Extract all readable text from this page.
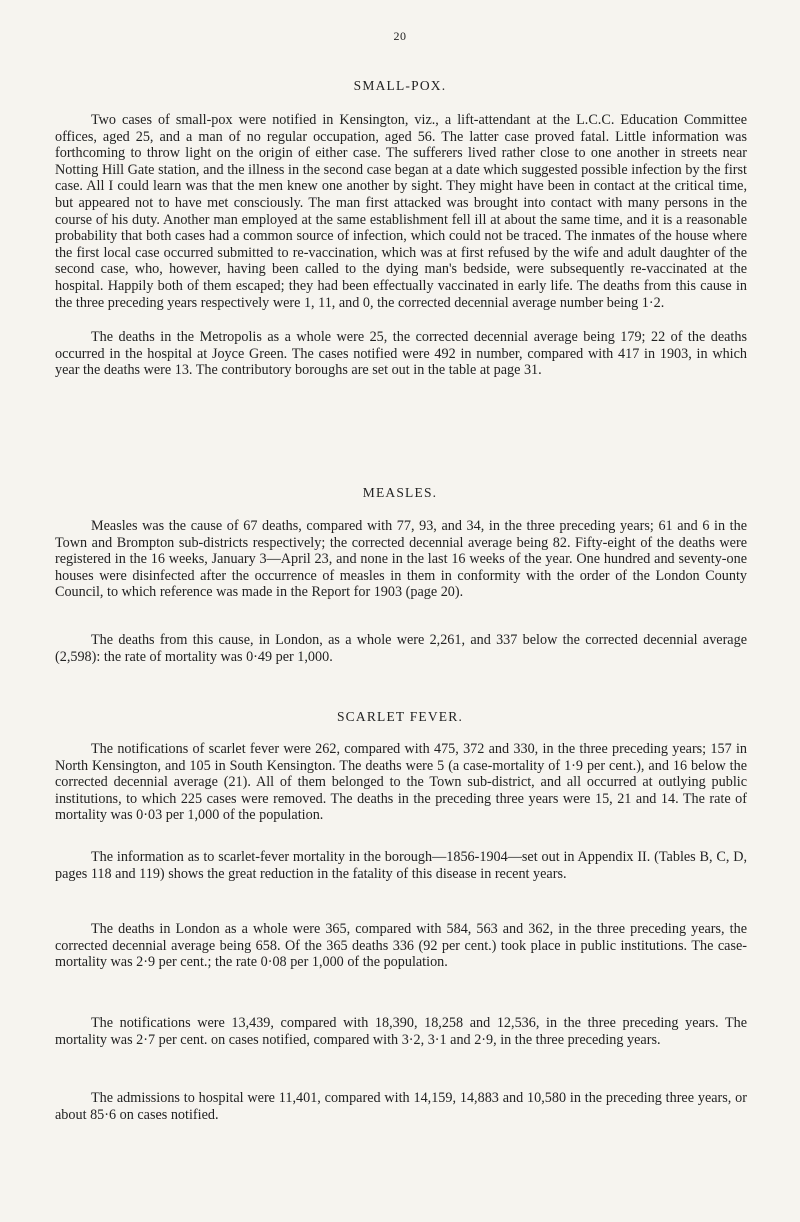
20
SMALL-POX.

Two cases of small-pox were notified in Kensington, viz., a lift-attendant at the L.C.C. Education Committee offices, aged 25, and a man of no regular occupation, aged 56. The latter case proved fatal. Little information was forthcoming to throw light on the origin of either case. The sufferers lived rather close to one another in streets near Notting Hill Gate station, and the illness in the second case began at a date which suggested possible infection by the first case. All I could learn was that the men knew one another by sight. They might have been in contact at the critical time, but appeared not to have met consciously. The man first attacked was brought into contact with many persons in the course of his duty. Another man employed at the same establishment fell ill at about the same time, and it is a reasonable probability that both cases had a common source of infection, which could not be traced. The inmates of the house where the first local case occurred submitted to re-vaccination, which was at first refused by the wife and adult daughter of the second case, who, however, having been called to the dying man's bedside, were subsequently re-vaccinated at the hospital. Happily both of them escaped; they had been effectually vaccinated in early life. The deaths from this cause in the three preceding years respectively were 1, 11, and 0, the corrected decennial average number being 1·2.

The deaths in the Metropolis as a whole were 25, the corrected decennial average being 179; 22 of the deaths occurred in the hospital at Joyce Green. The cases notified were 492 in number, compared with 417 in 1903, in which year the deaths were 13. The contributory boroughs are set out in the table at page 31.

MEASLES.

Measles was the cause of 67 deaths, compared with 77, 93, and 34, in the three preceding years; 61 and 6 in the Town and Brompton sub-districts respectively; the corrected decennial average being 82. Fifty-eight of the deaths were registered in the 16 weeks, January 3—April 23, and none in the last 16 weeks of the year. One hundred and seventy-one houses were disinfected after the occurrence of measles in them in conformity with the order of the London County Council, to which reference was made in the Report for 1903 (page 20).

The deaths from this cause, in London, as a whole were 2,261, and 337 below the corrected decennial average (2,598): the rate of mortality was 0·49 per 1,000.

SCARLET FEVER.

The notifications of scarlet fever were 262, compared with 475, 372 and 330, in the three preceding years; 157 in North Kensington, and 105 in South Kensington. The deaths were 5 (a case-mortality of 1·9 per cent.), and 16 below the corrected decennial average (21). All of them belonged to the Town sub-district, and all occurred at outlying public institutions, to which 225 cases were removed. The deaths in the preceding three years were 15, 21 and 14. The rate of mortality was 0·03 per 1,000 of the population.

The information as to scarlet-fever mortality in the borough—1856-1904—set out in Appendix II. (Tables B, C, D, pages 118 and 119) shows the great reduction in the fatality of this disease in recent years.

The deaths in London as a whole were 365, compared with 584, 563 and 362, in the three preceding years, the corrected decennial average being 658. Of the 365 deaths 336 (92 per cent.) took place in public institutions. The case-mortality was 2·9 per cent.; the rate 0·08 per 1,000 of the population.

The notifications were 13,439, compared with 18,390, 18,258 and 12,536, in the three preceding years. The mortality was 2·7 per cent. on cases notified, compared with 3·2, 3·1 and 2·9, in the three preceding years.

The admissions to hospital were 11,401, compared with 14,159, 14,883 and 10,580 in the preceding three years, or about 85·6 on cases notified.
